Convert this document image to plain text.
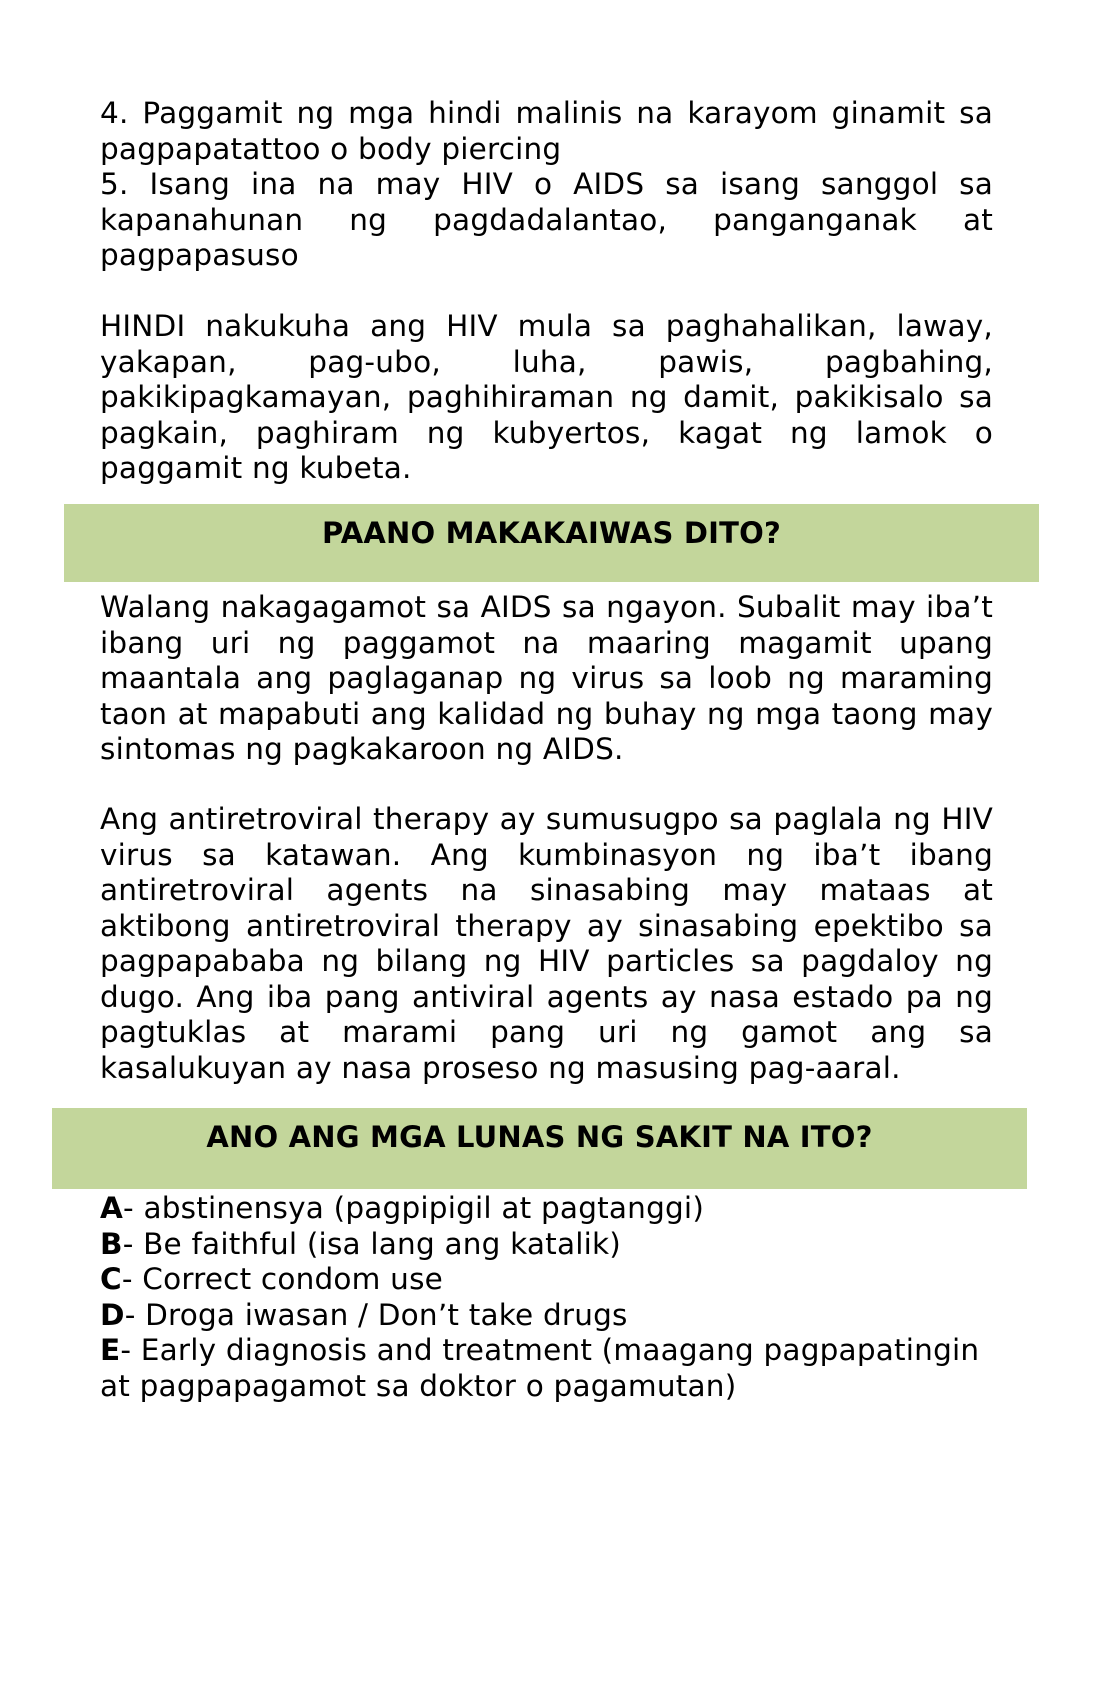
4. Paggamit ng mga hindi malinis na karayom ginamit sa pagpapatattoo o body piercing

5. Isang ina na may HIV o AIDS sa isang sanggol sa kapanahunan ng pagdadalantao, panganganak at pagpapasuso

HINDI nakukuha ang HIV mula sa paghahalikan, laway, yakapan, pag-ubo, luha, pawis, pagbahing, pakikipagkamayan, paghihiraman ng damit, pakikisalo sa pagkain, paghiram ng kubyertos, kagat ng lamok o paggamit ng kubeta.

PAANO MAKAKAIWAS DITO?

Walang nakagagamot sa AIDS sa ngayon. Subalit may iba’t ibang uri ng paggamot na maaring magamit upang maantala ang paglaganap ng virus sa loob ng maraming taon at mapabuti ang kalidad ng buhay ng mga taong may sintomas ng pagkakaroon ng AIDS.

Ang antiretroviral therapy ay sumusugpo sa paglala ng HIV virus sa katawan. Ang kumbinasyon ng iba’t ibang antiretroviral agents na sinasabing may mataas at aktibong antiretroviral therapy ay sinasabing epektibo sa pagpapababa ng bilang ng HIV particles sa pagdaloy ng dugo. Ang iba pang antiviral agents ay nasa estado pa ng pagtuklas at marami pang uri ng gamot ang sa kasalukuyan ay nasa proseso ng masusing pag-aaral.

ANO ANG MGA LUNAS NG SAKIT NA ITO?
A- abstinensya (pagpipigil at pagtanggi)
B- Be faithful (isa lang ang katalik)
C- Correct condom use
D- Droga iwasan / Don’t take drugs
E- Early diagnosis and treatment (maagang pagpapatingin at pagpapagamot sa doktor o pagamutan)
